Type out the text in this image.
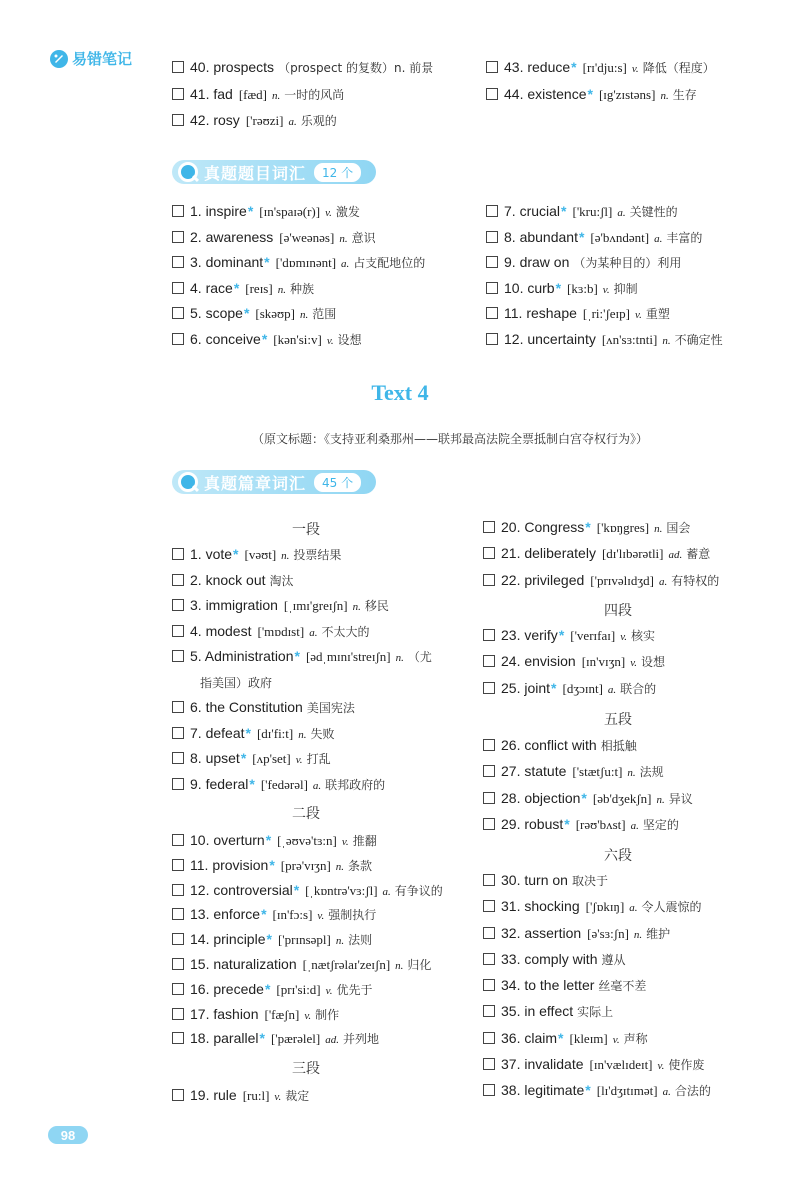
易错笔记	40. prospects （prospect 的复数）n. 前景
41. fad [fæd] n. 一时的风尚
42. rosy ['rəʊzi] a. 乐观的
43. reduce* [rɪ'dju:s] v. 降低（程度）
44. existence* [ɪg'zɪstəns] n. 生存
1. inspire* [ɪn'spaɪə(r)] v. 激发
2. awareness [ə'weənəs] n. 意识
3. dominant* ['dɒmɪnənt] a. 占支配地位的
4. race* [reɪs] n. 种族
5. scope* [skəʊp] n. 范围
6. conceive* [kən'si:v] v. 设想
7. crucial* ['kru:ʃl] a. 关键性的
8. abundant* [ə'bʌndənt] a. 丰富的
9. draw on （为某种目的）利用
10. curb* [kɜ:b] v. 抑制
11. reshape [ˌri:'ʃeɪp] v. 重塑
12. uncertainty [ʌn'sɜ:tnti] n. 不确定性
1. vote* [vəʊt] n. 投票结果
2. knock out 淘汰
3. immigration [ˌɪmɪ'greɪʃn] n. 移民
4. modest ['mɒdɪst] a. 不太大的
5. Administration* [ədˌmɪnɪ'streɪʃn] n. （尤
6. the Constitution 美国宪法
7. defeat* [dɪ'fi:t] n. 失败
8. upset* [ʌp'set] v. 打乱
9. federal* ['fedərəl] a. 联邦政府的
10. overturn* [ˌəʊvə'tɜ:n] v. 推翻
11. provision* [prə'vɪʒn] n. 条款
12. controversial* [ˌkɒntrə'vɜ:ʃl] a. 有争议的
13. enforce* [ɪn'fɔ:s] v. 强制执行
14. principle* ['prɪnsəpl] n. 法则
15. naturalization [ˌnætʃrəlaɪ'zeɪʃn] n. 归化
16. precede* [prɪ'si:d] v. 优先于
17. fashion ['fæʃn] v. 制作
18. parallel* ['pærəlel] ad. 并列地
19. rule [ru:l] v. 裁定
20. Congress* ['kɒŋgres] n. 国会
21. deliberately [dɪ'lɪbərətli] ad. 蓄意
22. privileged ['prɪvəlɪdʒd] a. 有特权的
23. verify* ['verɪfaɪ] v. 核实
24. envision [ɪn'vɪʒn] v. 设想
25. joint* [dʒɔɪnt] a. 联合的
26. conflict with 相抵触
27. statute ['stætʃu:t] n. 法规
28. objection* [əb'dʒekʃn] n. 异议
29. robust* [rəʊ'bʌst] a. 坚定的
30. turn on 取决于
31. shocking ['ʃɒkɪŋ] a. 令人震惊的
32. assertion [ə'sɜ:ʃn] n. 维护
33. comply with 遵从
34. to the letter 丝毫不差
35. in effect 实际上
36. claim* [kleɪm] v. 声称
37. invalidate [ɪn'vælɪdeɪt] v. 使作废
38. legitimate* [lɪ'dʒɪtɪmət] a. 合法的
真题题目词汇	12 个
Text 4
（原文标题：《支持亚利桑那州——联邦最高法院全票抵制白宫夺权行为》）
真题篇章词汇	45 个
一段
二段
三段
四段
五段
六段
指美国）政府
98
